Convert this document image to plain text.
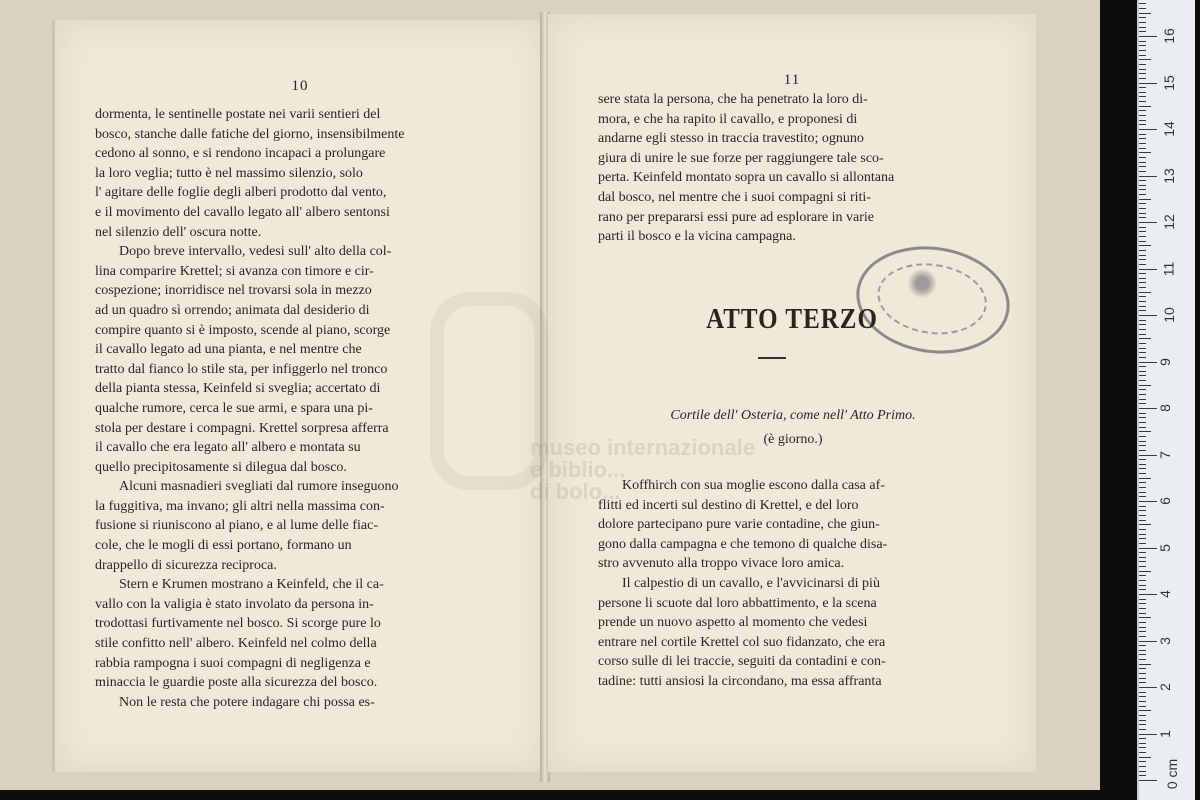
10

dormenta, le sentinelle postate nei varii sentieri del

bosco, stanche dalle fatiche del giorno, insensibilmente

cedono al sonno, e si rendono incapaci a prolungare

la loro veglia; tutto è nel massimo silenzio, solo

l' agitare delle foglie degli alberi prodotto dal vento,

e il movimento del cavallo legato all' albero sentonsi

nel silenzio dell' oscura notte.

Dopo breve intervallo, vedesi sull' alto della col-

lina comparire Krettel; si avanza con timore e cir-

cospezione; inorridisce nel trovarsi sola in mezzo

ad un quadro sì orrendo; animata dal desiderio di

compire quanto si è imposto, scende al piano, scorge

il cavallo legato ad una pianta, e nel mentre che

tratto dal fianco lo stile sta, per infiggerlo nel tronco

della pianta stessa, Keinfeld si sveglia; accertato di

qualche rumore, cerca le sue armi, e spara una pi-

stola per destare i compagni. Krettel sorpresa afferra

il cavallo che era legato all' albero e montata su

quello precipitosamente si dilegua dal bosco.

Alcuni masnadieri svegliati dal rumore inseguono

la fuggitiva, ma invano; gli altri nella massima con-

fusione si riuniscono al piano, e al lume delle fiac-

cole, che le mogli di essi portano, formano un

drappello di sicurezza reciproca.

Stern e Krumen mostrano a Keinfeld, che il ca-

vallo con la valigia è stato involato da persona in-

trodottasi furtivamente nel bosco. Si scorge pure lo

stile confitto nell' albero. Keinfeld nel colmo della

rabbia rampogna i suoi compagni di negligenza e

minaccia le guardie poste alla sicurezza del bosco.

Non le resta che potere indagare chi possa es-

11

sere stata la persona, che ha penetrato la loro di-

mora, e che ha rapito il cavallo, e proponesi di

andarne egli stesso in traccia travestito; ognuno

giura di unire le sue forze per raggiungere tale sco-

perta. Keinfeld montato sopra un cavallo si allontana

dal bosco, nel mentre che i suoi compagni si riti-

rano per prepararsi essi pure ad esplorare in varie

parti il bosco e la vicina campagna.

ATTO TERZO
Cortile dell' Osteria, come nell' Atto Primo.
(è giorno.)

Koffhirch con sua moglie escono dalla casa af-

flitti ed incerti sul destino di Krettel, e del loro

dolore partecipano pure varie contadine, che giun-

gono dalla campagna e che temono di qualche disa-

stro avvenuto alla troppo vivace loro amica.

Il calpestio di un cavallo, e l'avvicinarsi di più

persone li scuote dal loro abbattimento, e la scena

prende un nuovo aspetto al momento che vedesi

entrare nel cortile Krettel col suo fidanzato, che era

corso sulle di lei traccie, seguiti da contadini e con-

tadine: tutti ansiosi la circondano, ma essa affranta

museo internazionale
e biblio...
di bolo...
0 cm
1
2
3
4
5
6
7
8
9
10
11
12
13
14
15
16
